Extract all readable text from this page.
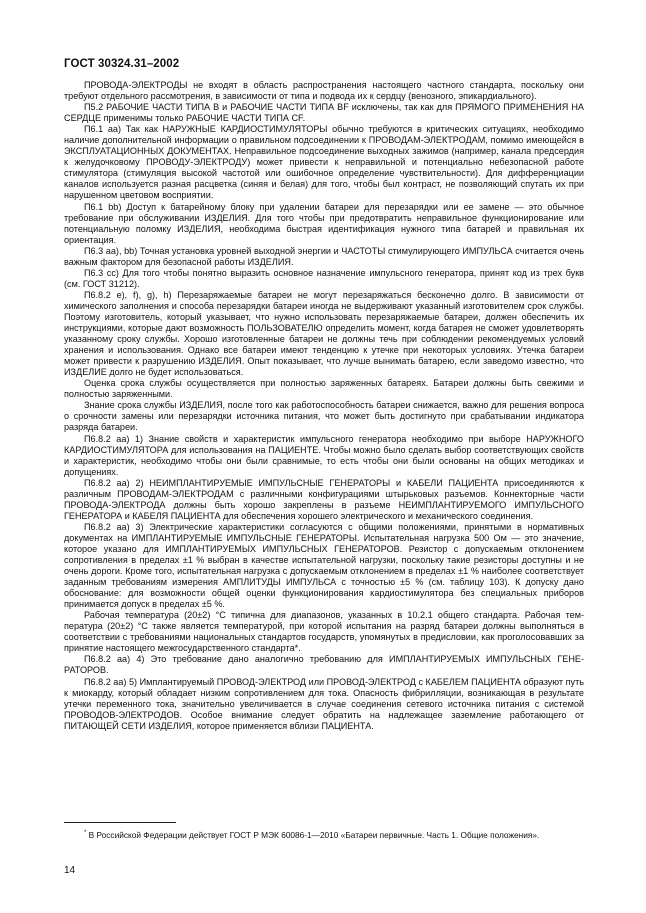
ГОСТ 30324.31–2002

ПРОВОДА-ЭЛЕКТРОДЫ не входят в область распространения настоящего частного стандарта, поскольку они требуют отдельного рассмотрения, в зависимости от типа и подвода их к сердцу (венозного, эпикардиального).

П5.2 РАБОЧИЕ ЧАСТИ ТИПА В и РАБОЧИЕ ЧАСТИ ТИПА BF исключены, так как для ПРЯМОГО ПРИМЕНЕНИЯ НА СЕРДЦЕ применимы только РАБОЧИЕ ЧАСТИ ТИПА CF.

П6.1 аа) Так как НАРУЖНЫЕ КАРДИОСТИМУЛЯТОРЫ обычно требуются в критических ситуациях, необходимо наличие дополнительной информации о правильном подсоединении к ПРОВОДАМ-ЭЛЕКТРОДАМ, помимо имеющейся в ЭКСПЛУАТАЦИОННЫХ ДОКУМЕНТАХ. Неправильное подсоединение выходных зажимов (например, канала предсердия к желудочковому ПРОВОДУ-ЭЛЕКТРОДУ) может привести к неправильной и потенциально небезопасной работе стимулятора (стимуляция высокой частотой или ошибочное определение чувствительности). Для дифференциации каналов используется разная расцветка (синяя и белая) для того, чтобы был контраст, не позволяющий спутать их при нарушенном цветовом восприятии.

П6.1 bb) Доступ к батарейному блоку при удалении батареи для перезарядки или ее замене — это обычное требование при обслуживании ИЗДЕЛИЯ. Для того чтобы при предотвратить неправильное функционирование или потенциальную поломку ИЗДЕЛИЯ, необходима быстрая идентификация нужного типа батарей и правильная их ориентация.

П6.3 аа), bb) Точная установка уровней выходной энергии и ЧАСТОТЫ стимулирующего ИМПУЛЬСА считается очень важным фактором для безопасной работы ИЗДЕЛИЯ.

П6.3 сс) Для того чтобы понятно выразить основное назначение импульсного генератора, принят код из трех букв (см. ГОСТ 31212).

П6.8.2 е), f), g), h) Перезаряжаемые батареи не могут перезаряжаться бесконечно долго. В зависимости от химического заполнения и способа перезарядки батареи иногда не выдерживают указанный изготовителем срок службы. Поэтому изготовитель, который указывает, что нужно использовать перезаряжаемые батареи, должен обеспечить их инструкциями, которые дают возможность ПОЛЬЗОВАТЕЛЮ определить момент, когда батарея не сможет удовлетворять указанному сроку службы. Хорошо изготовленные батареи не должны течь при соблюдении рекомендуемых условий хранения и использования. Однако все батареи имеют тенденцию к утечке при некоторых условиях. Утечка батареи может привести к разрушению ИЗДЕЛИЯ. Опыт показывает, что лучше вынимать батарею, если заведомо известно, что ИЗДЕЛИЕ долго не будет использоваться.

Оценка срока службы осуществляется при полностью заряженных батареях. Батареи должны быть свежими и полностью заряженными.

Знание срока службы ИЗДЕЛИЯ, после того как работоспособность батареи снижается, важно для решения вопроса о срочности замены или перезарядки источника питания, что может быть достигнуто при срабатывании индикатора разряда батареи.

П6.8.2 аа) 1) Знание свойств и характеристик импульсного генератора необходимо при выборе НАРУЖНОГО КАРДИОСТИМУЛЯТОРА для использования на ПАЦИЕНТЕ. Чтобы можно было сделать выбор соответствующих свойств и характеристик, необходимо чтобы они были сравнимые, то есть чтобы они были основаны на общих методиках и допущениях.

П6.8.2 аа) 2) НЕИМПЛАНТИРУЕМЫЕ ИМПУЛЬСНЫЕ ГЕНЕРАТОРЫ и КАБЕЛИ ПАЦИЕНТА присоединяются к различным ПРОВОДАМ-ЭЛЕКТРОДАМ с различными конфигурациями штырьковых разъемов. Коннекторные части ПРОВОДА-ЭЛЕКТРОДА должны быть хорошо закреплены в разъеме НЕИМПЛАНТИРУЕМОГО ИМПУЛЬСНОГО ГЕНЕРАТОРА и КАБЕЛЯ ПАЦИЕНТА для обеспечения хорошего электрического и механического соединения.

П6.8.2 аа) 3) Электрические характеристики согласуются с общими положениями, принятыми в нормативных документах на ИМПЛАНТИРУЕМЫЕ ИМПУЛЬСНЫЕ ГЕНЕРАТОРЫ. Испытательная нагрузка 500 Ом — это значение, которое указано для ИМПЛАНТИРУЕМЫХ ИМПУЛЬСНЫХ ГЕНЕРАТОРОВ. Резистор с допускаемым отклонением сопротивления в пределах ±1 % выбран в качестве испытательной нагрузки, поскольку такие резисторы доступны и не очень дороги. Кроме того, испытательная нагрузка с допускаемым отклонением в пределах ±1 % наиболее соответствует заданным требованиям измерения АМПЛИТУДЫ ИМПУЛЬСА с точностью ±5 % (см. таблицу 103). К допуску дано обоснование: для возможности общей оценки функционирования кардиостимулятора без специальных приборов принимается допуск в пределах ±5 %.

Рабочая температура (20±2) °С типична для диапазонов, указанных в 10.2.1 общего стандарта. Рабочая температура (20±2) °С также является температурой, при которой испытания на разряд батареи должны выполняться в соответствии с требованиями национальных стандартов государств, упомянутых в предисловии, как проголосовавших за принятие настоящего межгосударственного стандарта*.

П6.8.2 аа) 4) Это требование дано аналогично требованию для ИМПЛАНТИРУЕМЫХ ИМПУЛЬСНЫХ ГЕНЕРАТОРОВ.

П6.8.2 аа) 5) Имплантируемый ПРОВОД-ЭЛЕКТРОД или ПРОВОД-ЭЛЕКТРОД с КАБЕЛЕМ ПАЦИЕНТА образуют путь к миокарду, который обладает низким сопротивлением для тока. Опасность фибрилляции, возникающая в результате утечки переменного тока, значительно увеличивается в случае соединения сетевого источника питания с системой ПРОВОДОВ-ЭЛЕКТРОДОВ. Особое внимание следует обратить на надлежащее заземление работающего от ПИТАЮЩЕЙ СЕТИ ИЗДЕЛИЯ, которое применяется вблизи ПАЦИЕНТА.

* В Российской Федерации действует ГОСТ Р МЭК 60086-1—2010 «Батареи первичные. Часть 1. Общие положения».

14
